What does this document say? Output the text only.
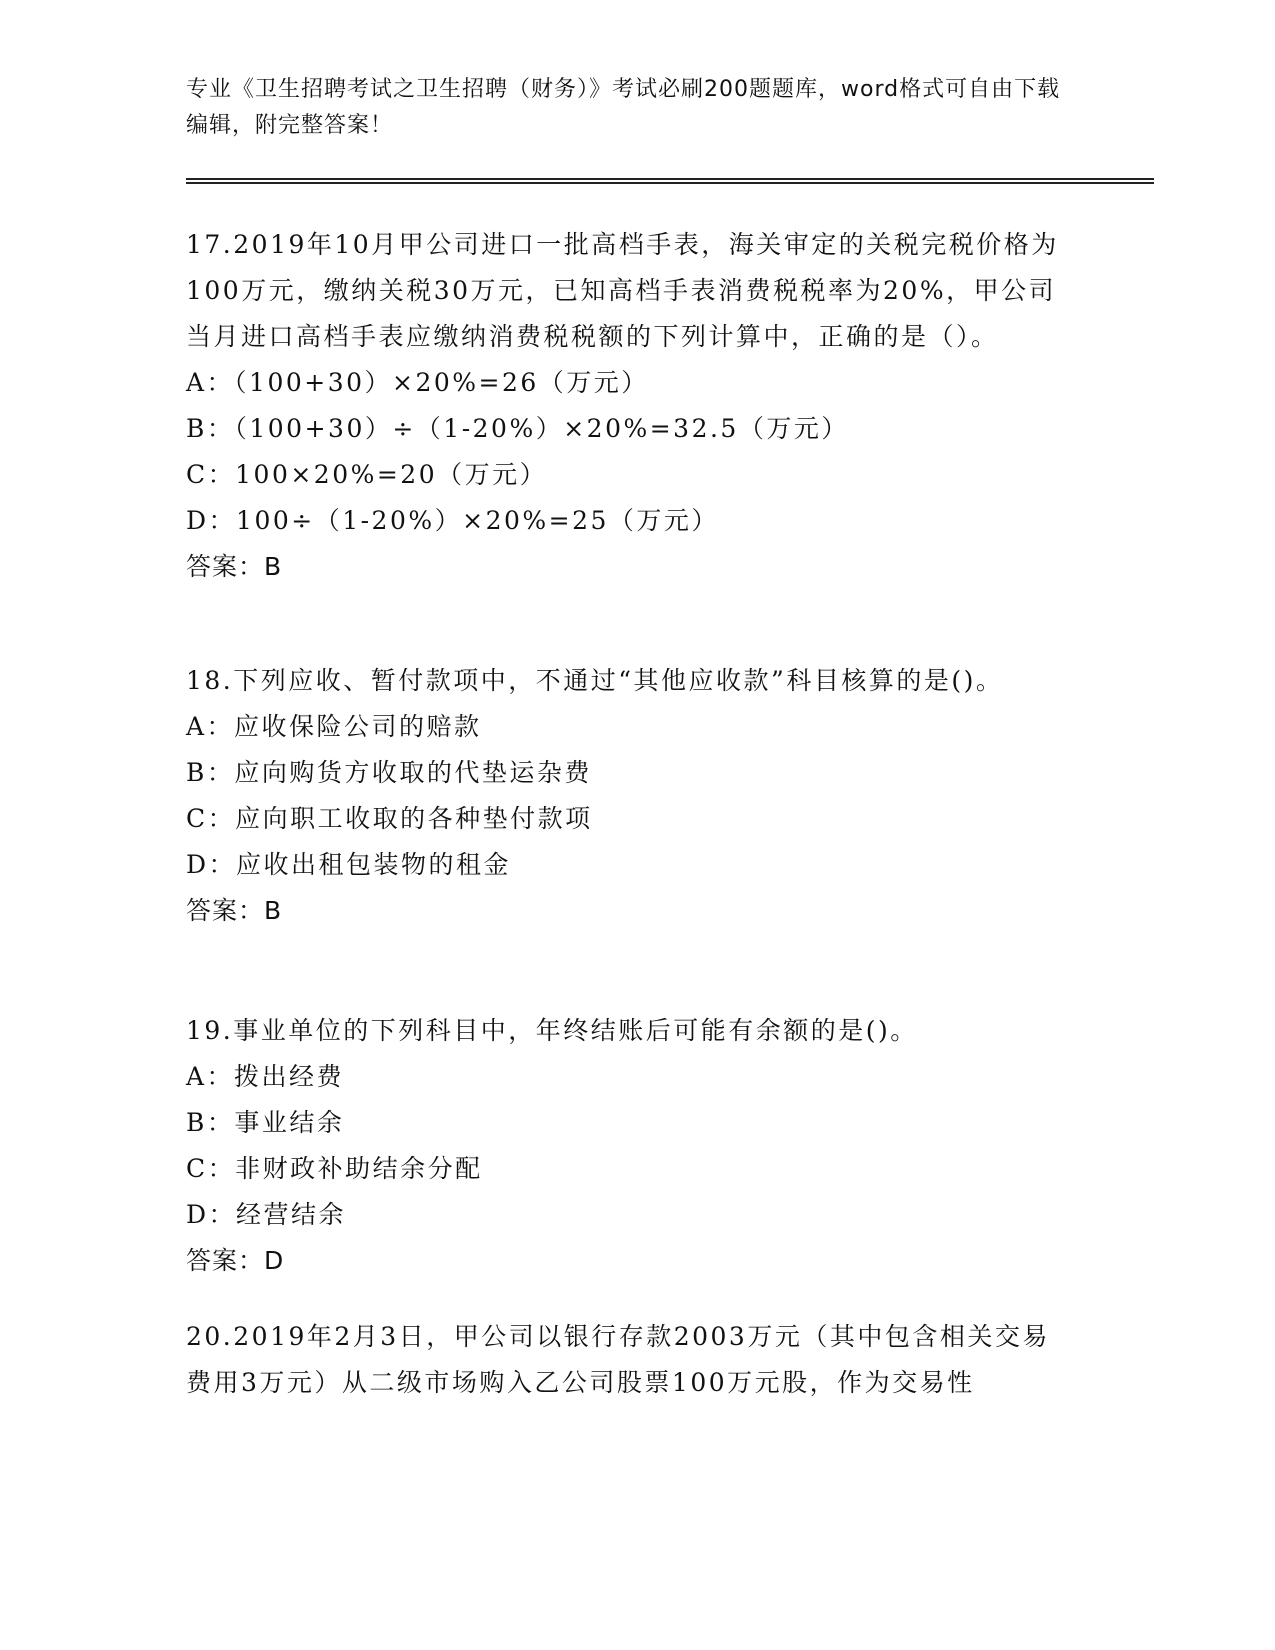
专业《卫生招聘考试之卫生招聘（财务）》考试必刷200题题库，word格式可自由下载编辑，附完整答案！

17.2019年10月甲公司进口一批高档手表，海关审定的关税完税价格为100万元，缴纳关税30万元，已知高档手表消费税税率为20%，甲公司当月进口高档手表应缴纳消费税税额的下列计算中，正确的是（）。

A：（100+30）×20%=26（万元）

B：（100+30）÷（1-20%）×20%=32.5（万元）

C：100×20%=20（万元）

D：100÷（1-20%）×20%=25（万元）

答案：B

18.下列应收、暂付款项中，不通过“其他应收款”科目核算的是()。

A：应收保险公司的赔款

B：应向购货方收取的代垫运杂费

C：应向职工收取的各种垫付款项

D：应收出租包装物的租金

答案：B

19.事业单位的下列科目中，年终结账后可能有余额的是()。

A：拨出经费

B：事业结余

C：非财政补助结余分配

D：经营结余

答案：D

20.2019年2月3日，甲公司以银行存款2003万元（其中包含相关交易费用3万元）从二级市场购入乙公司股票100万元股，作为交易性
